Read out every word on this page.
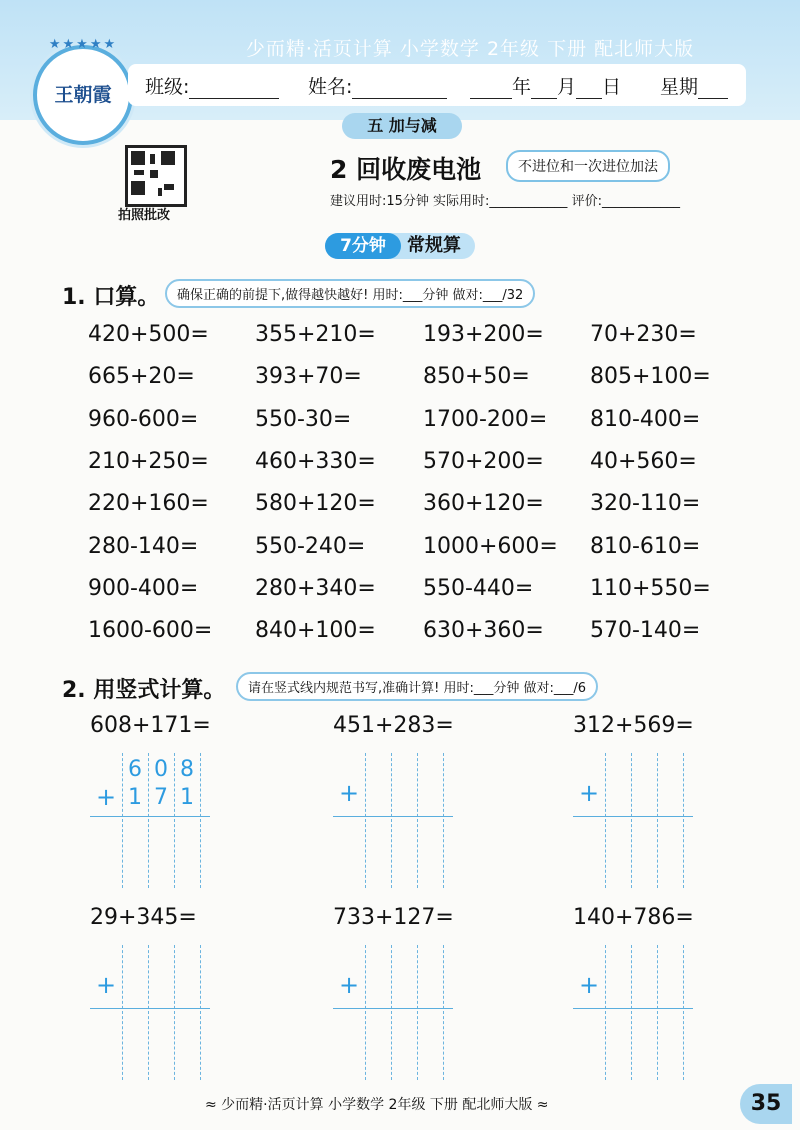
少而精·活页计算 小学数学 2年级 下册 配北师大版
★★★★★
王朝霞	班级:	姓名:	年 月 日 星期
五 加与减
拍照批改
2 回收废电池	不进位和一次进位加法
建议用时:15分钟 实际用时:____________ 评价:____________
7分钟	常规算
1. 口算。	确保正确的前提下,做得越快越好! 用时:___分钟 做对:___/32
420+500= 355+210= 193+200= 70+230=
665+20=	393+70=	850+50=	805+100=
960-600=	550-30=	1700-200= 810-400=
210+250= 460+330= 570+200= 40+560=
220+160= 580+120= 360+120= 320-110=
280-140=	550-240=	1000+600= 810-610=
900-400=	280+340= 550-440=	110+550=
1600-600= 840+100= 630+360= 570-140=
2. 用竖式计算。	请在竖式线内规范书写,准确计算! 用时:___分钟 做对:___/6
608+171=
+
6 0 8
1 7 1
451+283=
+
312+569=
+
29+345=
+
733+127=
+
140+786=
+
≈ 少而精·活页计算 小学数学 2年级 下册 配北师大版 ≈	35
